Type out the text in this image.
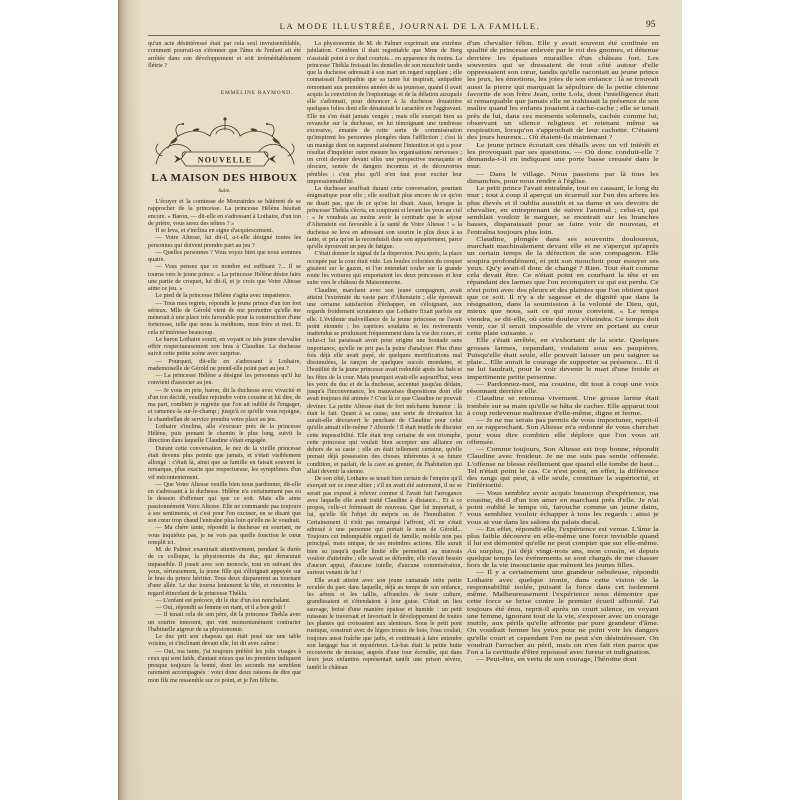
LA MODE ILLUSTRÉE, JOURNAL DE LA FAMILLE.	95

qu'un acte désintéressé était par cela seul invraisemblable, comment pourrait-on s'étonner que l'âme de l'enfant ait été arrêtée dans son développement et soit irrémédiablement flétrie ?

EMMELINE RAYMOND.
NOUVELLE
LA MAISON DES HIBOUX
Suite.

L'écuyer et la comtesse de Mourairdes se hâtèrent de se rapprocher de la princesse. La princesse Hélène hésitait encore. « Baron, — dit-elle en s'adressant à Lothaire, d'un ton de prière, vous serez des nôtres ? »

Il se leva, et s'inclina en signe d'acquiescement.

— Votre Altesse, lui dit-il, a-t-elle désigné toutes les personnes qui doivent prendre part au jeu ?

— Quelles personnes ? Vous voyez bien que nous sommes quatre.

— Vous pensez que ce nombre est suffisant ?... Il se tourna vers le jeune prince. « La princesse Hélène désire faire une partie de croquet, lui dit-il, et je crois que Votre Altesse aime ce jeu. »

Le pied de la princesse Hélène s'agita avec impatience.

— Tous mes regrets, répondit le jeune prince d'un ton fort sérieux. Mlle de Gérold vient de me promettre qu'elle me mènerait à une place très favorable pour la construction d'une forteresse, telle que nous la méditons, mon frère et moi. Et cela m'intéresse beaucoup.

Le baron Lothaire sourit, en voyant ce très jeune chevalier offrir respectueusement son bras à Claudine. La duchesse suivit cette petite scène avec surprise.

— Pourquoi, dit-elle en s'adressant à Lothaire, mademoiselle de Gérold ne prend-elle point part au jeu ?

— La princesse Hélène a désigné les personnes qu'il lui convient d'associer au jeu.

— Je vous en prie, baron, dit la duchesse avec vivacité et d'un ton décidé, veuillez rejoindre votre cousine et lui dire, de ma part, combien je regrette que l'on ait oublié de l'engager, et ramenez-la sur-le-champ ; jusqu'à ce qu'elle vous rejoigne, le chambellan de service prendra votre place au jeu.

Lothaire s'inclina, alla s'excuser près de la princesse Hélène, puis prenant le chemin le plus long, suivit la direction dans laquelle Claudine s'était engagée.

Durant cette conversation, le nez de la vieille princesse était devenu plus pointu que jamais, et s'était visiblement allongé : c'était là, ainsi que sa famille en faisait souvent la remarque, plus exacte que respectueuse, les symptômes d'un vif mécontentement.

— Que Votre Altesse veuille bien nous pardonner, dit-elle en s'adressant à la duchesse. Hélène n'a certainement pas eu le dessein d'offenser qui que ce soit. Mais elle aime passionnément Votre Altesse. Elle ne commande pas toujours à ses sentiments, et c'est pour l'en excuser, en se disant que son cœur trop chaud l'entraîne plus loin qu'elle ne le voudrait.

— Ma chère tante, répondit la duchesse en souriant, ne vous inquiétez pas, je ne vois pas quelle fonction le cœur remplit ici.

M. de Palmer examinait attentivement, pendant la durée de ce colloque, la physionomie du duc, qui demeurait impassible. Il jouait avec son monocle, tout en suivant des yeux, sérieusement, la jeune fille qui s'éloignait appuyée sur le bras du prince héritier. Tous deux disparurent au tournant d'une allée. Le duc tourna lentement la tête, et rencontra le regard étincelant de la princesse Thékla.

— L'enfant est précoce, dit le duc d'un ton nonchalant.

— Oui, répondit sa femme en riant, et il a bon goût !

— Il tenait cela de son père, dit la princesse Thékla avec un sourire innocent, qui vint momentanément contrarier l'habituelle aigreur de sa physionomie.

Le duc prit son chapeau qui était posé sur une table voisine, et s'inclinant devant elle, lui dit avec calme :

— Oui, ma tante, j'ai toujours préféré les jolis visages à ceux qui sont laids, d'autant mieux que les premiers indiquent presque toujours la bonté, dont les seconds me semblent rarement accompagnés : voici donc deux raisons de dire que mon fils me ressemble sur ce point, et je l'en félicite.

La physionomie de M. de Palmer exprimait une extrême jubilation. Combien il était regrettable que Mme de Berg n'assistât point à ce duel courtois... en apparence du moins. La princesse Thékla froissait les dentelles de son mouchoir tandis que la duchesse adressait à son mari un regard suppliant ; elle connaissait l'antipathie que sa tante lui inspirait, antipathie remontant aux premières années de sa jeunesse, quand il avait acquis la conviction de l'espionnage et de la délation auxquels elle s'adonnait, pour dénoncer à la duchesse douairière quelques folies dont elle dénaturait le caractère en l'aggravant. Elle ne s'en était jamais vengée ; mais elle exerçait bien sa revanche sur la duchesse, en lui témoignant une tendresse excessive, émanée de cette sorte de commisération qu'inspirent les personnes plongées dans l'affliction ; c'est là un manège dont on surprend aisément l'intention et qui a pour résultat d'inquiéter outre mesure les organisations nerveuses ; on croit deviner devant elles une perspective menaçante et obscure, semée de dangers inconnus et de découvertes pénibles : c'est plus qu'il n'en faut pour exciter leur impressionnabilité.

La duchesse souffrait durant cette conversation, pourtant énigmatique pour elle ; elle souffrait plus encore de ce qu'on ne disait pas, que de ce qu'on lui disait. Aussi, lorsque la princesse Thékla s'écria, en soupirant et levant les yeux au ciel : « Je voudrais au moins avoir la certitude que le séjour d'Altenstein est favorable à la santé de Votre Altesse ! » la duchesse se leva en adressant son sourire le plus doux à sa tante, et pria qu'on la reconduisît dans son appartement, parce qu'elle éprouvait un peu de fatigue.

C'était donner le signal de la dispersion. Peu après, la place occupée par la cour était vide. Les boules coloriées du croquet gisaient sur le gazon, et l'on entendait rouler sur la grande route les voitures qui emportaient les deux princesses et leur suite vers le château de Maisonmorne.

Claudine, marchant avec son jeune compagnon, avait atteint l'extrémité du vaste parc d'Altenstein ; elle éprouvait une certaine satisfaction d'échapper, en s'éloignant, aux regards froidement scrutateurs que Lothaire fixait parfois sur elle. L'évidente malveillance de la jeune princesse ne l'avait point étonnée ; les caprices soudains et les revirements inattendus se produisent fréquemment dans la vie des cours, et celui-ci lui paraissait avoir pour origine une boutade sans importance, qu'elle ne prit pas la peine d'analyser. Plus d'une fois déjà elle avait payé, de quelques mortifications mal dissimulées, la rançon de quelques succès mondains, et l'hostilité de la jeune princesse avait redoublé après les bals et les fêtes de la cour. Mais pourquoi avait-elle aujourd'hui, sous les yeux du duc et de la duchesse, accentué jusqu'au dédain, jusqu'à l'inconvenance, les mauvaises dispositions dont elle avait toujours été animée ? C'est là ce que Claudine ne pouvait deviner. La petite Altesse était de fort méchante humeur : là était le fait. Quant à sa cause, une sorte de divination lui aurait-elle découvert le penchant de Claudine pour celui qu'elle aimait elle-même ? Absurde ! Il était inutile de discuter cette impossibilité. Elle était trop certaine de son triomphe, cette princesse qui voulait bien accepter une alliance en dehors de sa caste ; elle en était tellement certaine, qu'elle prenait déjà possession des choses inhérentes à sa future condition, et parlait, de la cave au grenier, de l'habitation qui allait devenir la sienne.

De son côté, Lothaire se tenait bien certain de l'empire qu'il exerçait sur ce cœur altier ; s'il en avait été autrement, il ne se serait pas exposé à relever comme il l'avait fait l'arrogance avec laquelle elle avait traité Claudine à distance... Et à ce propos, celle-ci frémissait de nouveau. Que lui importait, à lui, qu'elle fût l'objet du mépris ou de l'humiliation ? Certainement il n'eût pas remarqué l'affront, s'il ne s'était adressé à une personne qui portait le nom de Gérold... Toujours cet indomptable orgueil de famille, mobile non pas principal, mais unique, de ses moindres actions. Elle aurait bien su jusqu'à quelle limite elle permettait au mauvais vouloir d'atteindre ; elle savait se défendre, elle n'avait besoin d'aucun appui, d'aucune tutelle, d'aucune commisération, surtout venant de lui !

Elle avait atteint avec son jeune camarade cette partie reculée du parc dans laquelle, déjà au temps de son enfance, les arbres et les taillis, affranchis de toute culture, grandissaient et s'étendaient à leur guise. C'était un lieu sauvage, boisé d'une manière épaisse et humide : un petit ruisseau le traversait et favorisait le développement de toutes les plantes qui croissaient aux alentours. Sous le petit pont rustique, construit avec de légers troncs de bois, l'eau coulait, toujours aussi fraîche que jadis, et continuait à faire entendre son langage bas et mystérieux. Là-bas était la petite butte recouverte de mousse, auprès d'une tour écroulée, qui dans leurs jeux enfantins représentait tantôt une prison sévère, tantôt le château

d'un chevalier félon. Elle y avait souvent été confinée en qualité de princesse enlevée par le roi des gnomes, et détenue derrière les épaisses murailles d'un château fort. Les souvenirs qui se dressaient de tout côté autour d'elle oppressaient son cœur, tandis qu'elle racontait au jeune prince les jeux, les émotions, les joies de son enfance : là se trouvait aussi la pierre qui marquait la sépulture de la petite chienne favorite de son frère Jean, cette Lola, dont l'intelligence était si remarquable que jamais elle ne trahissait la présence de son maître quand les enfants jouaient à cache-cache ; elle se tenait près de lui, dans ces moments solennels, cachée comme lui, observant un silence religieux et retenant même sa respiration, lorsqu'on s'approchait de leur cachette. C'étaient des jours heureux... Où étaient-ils maintenant ?

Le jeune prince écoutait ces détails avec un vif intérêt et les provoquait par ses questions. — Où donc conduit-elle ? demanda-t-il en indiquant une porte basse creusée dans le mur.

— Dans le village. Nous passions par là tous les dimanches, pour nous rendre à l'église.

Le petit prince l'avait entraînée, tout en causant, le long du mur ; tout à coup il aperçut un écureuil sur l'un des arbres les plus élevés et il oublia aussitôt et sa dame et ses devoirs de chevalier, en entreprenant de suivre l'animal ; celui-ci, qui semblait vouloir le narguer, se montrait sur les branches basses, disparaissait pour se faire voir de nouveau, et l'entraîna toujours plus loin.

Claudine, plongée dans ses souvenirs douloureux, marchait machinalement devant elle et ne s'aperçut qu'après un certain temps de la défection de son compagnon. Elle soupira profondément, et prit son mouchoir pour essuyer ses yeux. Qu'y avait-il donc de changé ? Rien. Tout était comme cela devait être. Ce n'était point en courbant la tête et en répandant des larmes que l'on reconquiert ce qui est perdu. Ce n'est point avec des pleurs et des plaintes que l'on obtient quoi que ce soit. Il n'y a de sagesse et de dignité que dans la résignation, dans la soumission à la volonté de Dieu, qui, mieux que nous, sait ce qui nous convient. « Le temps viendra, se dit-elle, où cette douleur s'éteindra. Ce temps doit venir, car il serait impossible de vivre en portant au cœur cette plaie cuisante. »

Elle s'était arrêtée, en s'exhortant de la sorte. Quelques grosses larmes, cependant, roulaient sous ses paupières. Puisqu'elle était seule, elle pouvait laisser un peu saigner sa plaie... Elle aurait le courage de supporter sa présence... Et il ne lui faudrait, pour le voir devenir le mari d'une froide et impertinente petite personne.

— Pardonnez-moi, ma cousine, dit tout à coup une voix résonnant derrière elle.

Claudine se retourna vivement. Une grosse larme était tombée sur sa main qu'elle se hâta de cacher. Elle apparut tout à coup redevenue maîtresse d'elle-même, digne et ferme.

— Je ne me serais pas permis de vous importuner, reprit-il en se rapprochant. Son Altesse m'a ordonné de vous chercher pour vous dire combien elle déplore que l'on vous ait offensée.

— Comme toujours, Son Altesse est trop bonne, répondit Claudine avec froideur. Je ne me suis pas sentie offensée. L'offense ne blesse réellement que quand elle tombe de haut... Tel n'était point le cas. Ce n'est point, en effet, la différence des rangs qui peut, à elle seule, constituer la supériorité, et l'infériorité.

— Vous semblez avoir acquis beaucoup d'expérience, ma cousine, dit-il d'un ton amer en marchant près d'elle. Je n'ai point oublié le temps où, farouche comme un jeune daim, vous sembliez vouloir échapper à tous les regards : ainsi je vous ai vue dans les salons du palais ducal.

— En effet, répondit-elle, l'expérience est venue. L'âme la plus faible découvre en elle-même une force invisible quand il lui est démontré qu'elle ne peut compter que sur elle-même. Au surplus, j'ai déjà vingt-trois ans, mon cousin, et depuis quelque temps les événements se sont chargés de me chasser hors de la vie insouciante que mènent les jeunes filles.

— Il y a certainement une grandeur nébuleuse, répondit Lothaire avec quelque ironie, dans cette vision de la responsabilité isolée, puisant la force dans cet isolement même. Malheureusement l'expérience nous démontre que cette force se brise contre le premier écueil affronté. J'ai toujours été ému, reprit-il après un court silence, en voyant une femme, ignorant tout de la vie, s'exposer avec un courage inutile, aux périls qu'elle affronte par pure grandeur d'âme. On voudrait fermer les yeux pour ne point voir les dangers qu'elle court et cependant l'on ne peut s'en désintéresser. On voudrait l'arracher au péril, mais on n'en fait rien parce que l'on a la certitude d'être repoussé avec fureur et indignation.

— Peut-être, en vertu de son courage, l'héroïne dont
